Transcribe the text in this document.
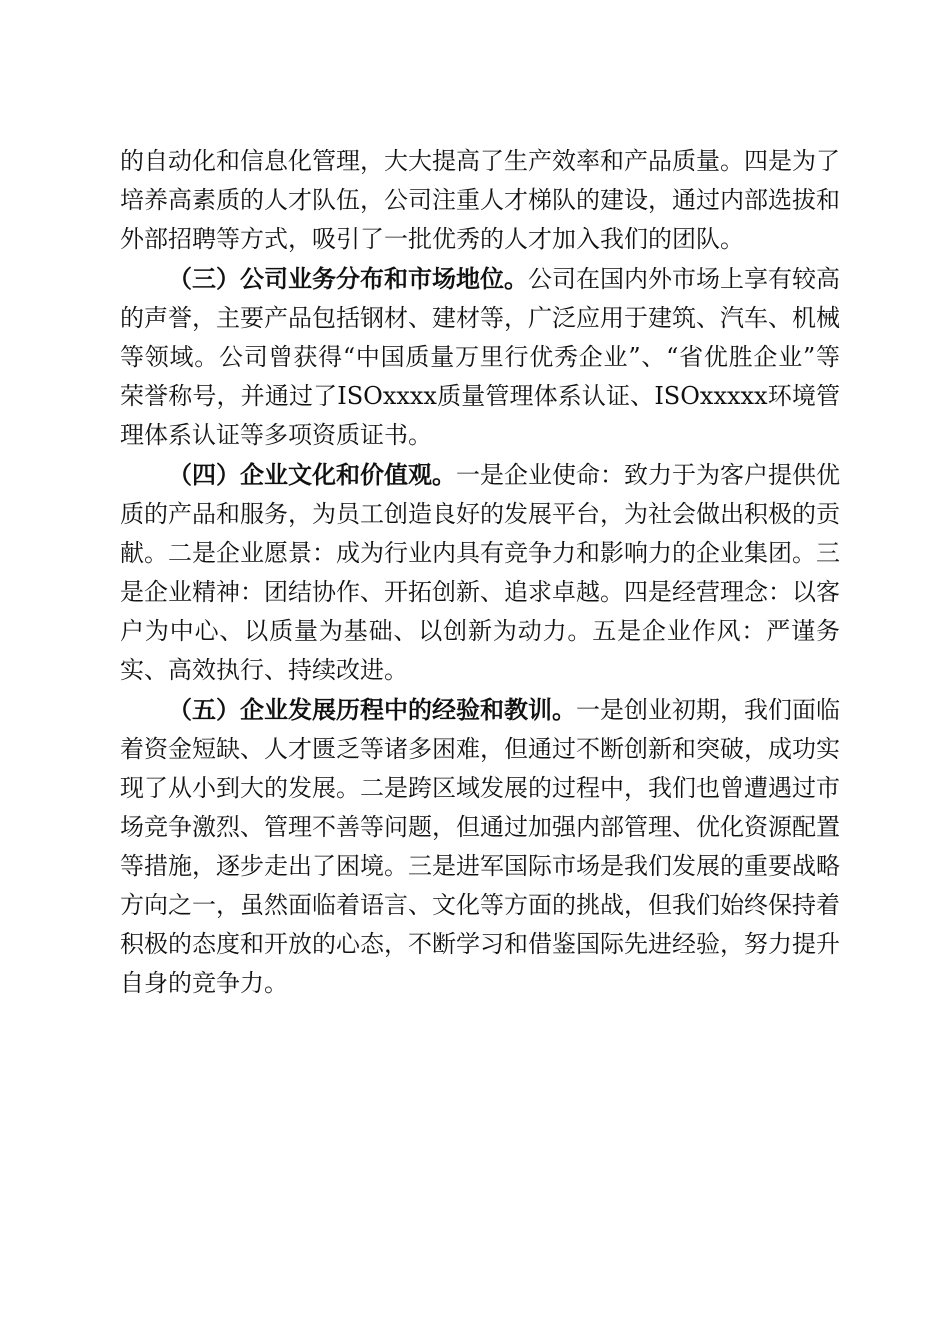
的自动化和信息化管理，大大提高了生产效率和产品质量。四是为了培养高素质的人才队伍，公司注重人才梯队的建设，通过内部选拔和外部招聘等方式，吸引了一批优秀的人才加入我们的团队。

（三）公司业务分布和市场地位。公司在国内外市场上享有较高的声誉，主要产品包括钢材、建材等，广泛应用于建筑、汽车、机械等领域。公司曾获得“中国质量万里行优秀企业”、“省优胜企业”等荣誉称号，并通过了ISOxxxx质量管理体系认证、ISOxxxxx环境管理体系认证等多项资质证书。

（四）企业文化和价值观。一是企业使命：致力于为客户提供优质的产品和服务，为员工创造良好的发展平台，为社会做出积极的贡献。二是企业愿景：成为行业内具有竞争力和影响力的企业集团。三是企业精神：团结协作、开拓创新、追求卓越。四是经营理念：以客户为中心、以质量为基础、以创新为动力。五是企业作风：严谨务实、高效执行、持续改进。

（五）企业发展历程中的经验和教训。一是创业初期，我们面临着资金短缺、人才匮乏等诸多困难，但通过不断创新和突破，成功实现了从小到大的发展。二是跨区域发展的过程中，我们也曾遭遇过市场竞争激烈、管理不善等问题，但通过加强内部管理、优化资源配置等措施，逐步走出了困境。三是进军国际市场是我们发展的重要战略方向之一，虽然面临着语言、文化等方面的挑战，但我们始终保持着积极的态度和开放的心态，不断学习和借鉴国际先进经验，努力提升自身的竞争力。
